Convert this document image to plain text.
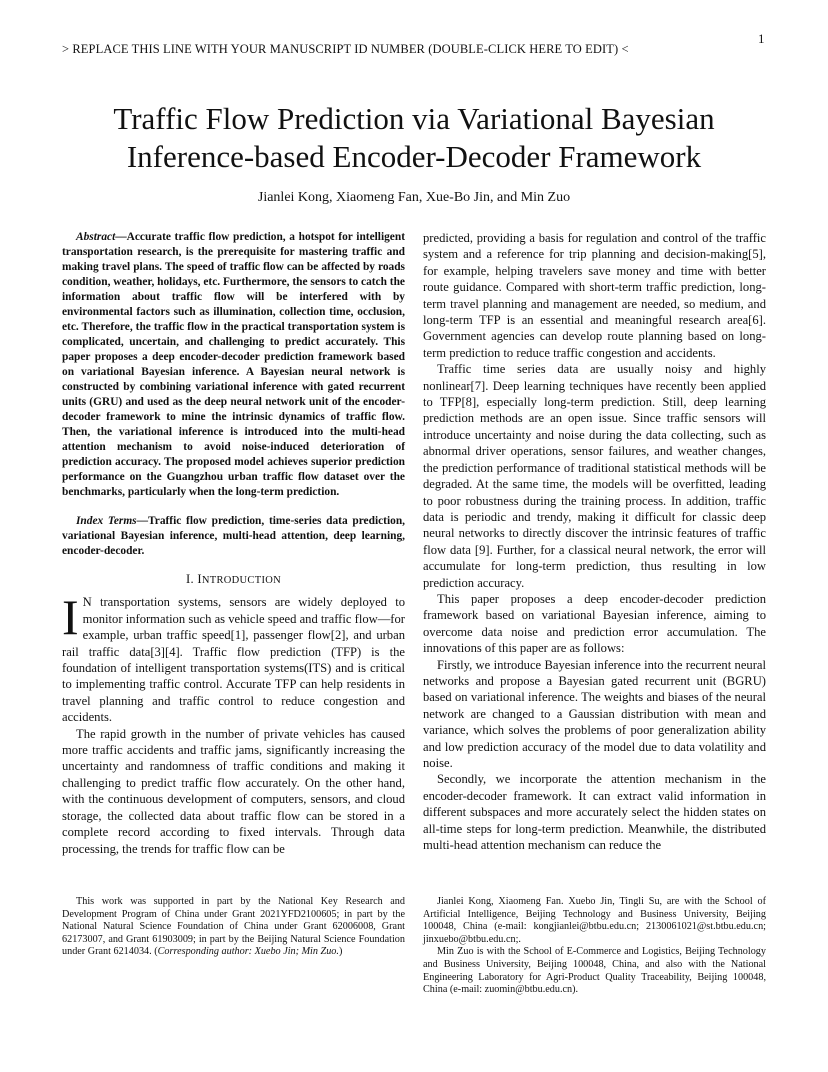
> REPLACE THIS LINE WITH YOUR MANUSCRIPT ID NUMBER (DOUBLE-CLICK HERE TO EDIT) <
1
Traffic Flow Prediction via Variational Bayesian
Inference-based Encoder-Decoder Framework
Jianlei Kong, Xiaomeng Fan, Xue-Bo Jin, and Min Zuo

Abstract—Accurate traffic flow prediction, a hotspot for intelligent transportation research, is the prerequisite for mastering traffic and making travel plans. The speed of traffic flow can be affected by roads condition, weather, holidays, etc. Furthermore, the sensors to catch the information about traffic flow will be interfered with by environmental factors such as illumination, collection time, occlusion, etc. Therefore, the traffic flow in the practical transportation system is complicated, uncertain, and challenging to predict accurately. This paper proposes a deep encoder-decoder prediction framework based on variational Bayesian inference. A Bayesian neural network is constructed by combining variational inference with gated recurrent units (GRU) and used as the deep neural network unit of the encoder-decoder framework to mine the intrinsic dynamics of traffic flow. Then, the variational inference is introduced into the multi-head attention mechanism to avoid noise-induced deterioration of prediction accuracy. The proposed model achieves superior prediction performance on the Guangzhou urban traffic flow dataset over the benchmarks, particularly when the long-term prediction.

Index Terms—Traffic flow prediction, time-series data prediction, variational Bayesian inference, multi-head attention, deep learning, encoder-decoder.

I. INTRODUCTION

I N transportation systems, sensors are widely deployed to monitor information such as vehicle speed and traffic flow—for example, urban traffic speed[1], passenger flow[2], and urban rail traffic data[3][4]. Traffic flow prediction (TFP) is the foundation of intelligent transportation systems(ITS) and is critical to implementing traffic control. Accurate TFP can help residents in travel planning and traffic control to reduce congestion and accidents.

The rapid growth in the number of private vehicles has caused more traffic accidents and traffic jams, significantly increasing the uncertainty and randomness of traffic conditions and making it challenging to predict traffic flow accurately. On the other hand, with the continuous development of computers, sensors, and cloud storage, the collected data about traffic flow can be stored in a complete record according to fixed intervals. Through data processing, the trends for traffic flow can be

predicted, providing a basis for regulation and control of the traffic system and a reference for trip planning and decision-making[5], for example, helping travelers save money and time with better route guidance. Compared with short-term traffic prediction, long-term travel planning and management are needed, so medium, and long-term TFP is an essential and meaningful research area[6]. Government agencies can develop route planning based on long-term prediction to reduce traffic congestion and accidents.

Traffic time series data are usually noisy and highly nonlinear[7]. Deep learning techniques have recently been applied to TFP[8], especially long-term prediction. Still, deep learning prediction methods are an open issue. Since traffic sensors will introduce uncertainty and noise during the data collecting, such as abnormal driver operations, sensor failures, and weather changes, the prediction performance of traditional statistical methods will be degraded. At the same time, the models will be overfitted, leading to poor robustness during the training process. In addition, traffic data is periodic and trendy, making it difficult for classic deep neural networks to directly discover the intrinsic features of traffic flow data [9]. Further, for a classical neural network, the error will accumulate for long-term prediction, thus resulting in low prediction accuracy.

This paper proposes a deep encoder-decoder prediction framework based on variational Bayesian inference, aiming to overcome data noise and prediction error accumulation. The innovations of this paper are as follows:

Firstly, we introduce Bayesian inference into the recurrent neural networks and propose a Bayesian gated recurrent unit (BGRU) based on variational inference. The weights and biases of the neural network are changed to a Gaussian distribution with mean and variance, which solves the problems of poor generalization ability and low prediction accuracy of the model due to data volatility and noise.

Secondly, we incorporate the attention mechanism in the encoder-decoder framework. It can extract valid information in different subspaces and more accurately select the hidden states on all-time steps for long-term prediction. Meanwhile, the distributed multi-head attention mechanism can reduce the

This work was supported in part by the National Key Research and Development Program of China under Grant 2021YFD2100605; in part by the National Natural Science Foundation of China under Grant 62006008, Grant 62173007, and Grant 61903009; in part by the Beijing Natural Science Foundation under Grant 6214034. (Corresponding author: Xuebo Jin; Min Zuo.)

Jianlei Kong, Xiaomeng Fan. Xuebo Jin, Tingli Su, are with the School of Artificial Intelligence, Beijing Technology and Business University, Beijing 100048, China (e-mail: kongjianlei@btbu.edu.cn; 2130061021@st.btbu.edu.cn; jinxuebo@btbu.edu.cn;.

Min Zuo is with the School of E-Commerce and Logistics, Beijing Technology and Business University, Beijing 100048, China, and also with the National Engineering Laboratory for Agri-Product Quality Traceability, Beijing 100048, China (e-mail: zuomin@btbu.edu.cn).
